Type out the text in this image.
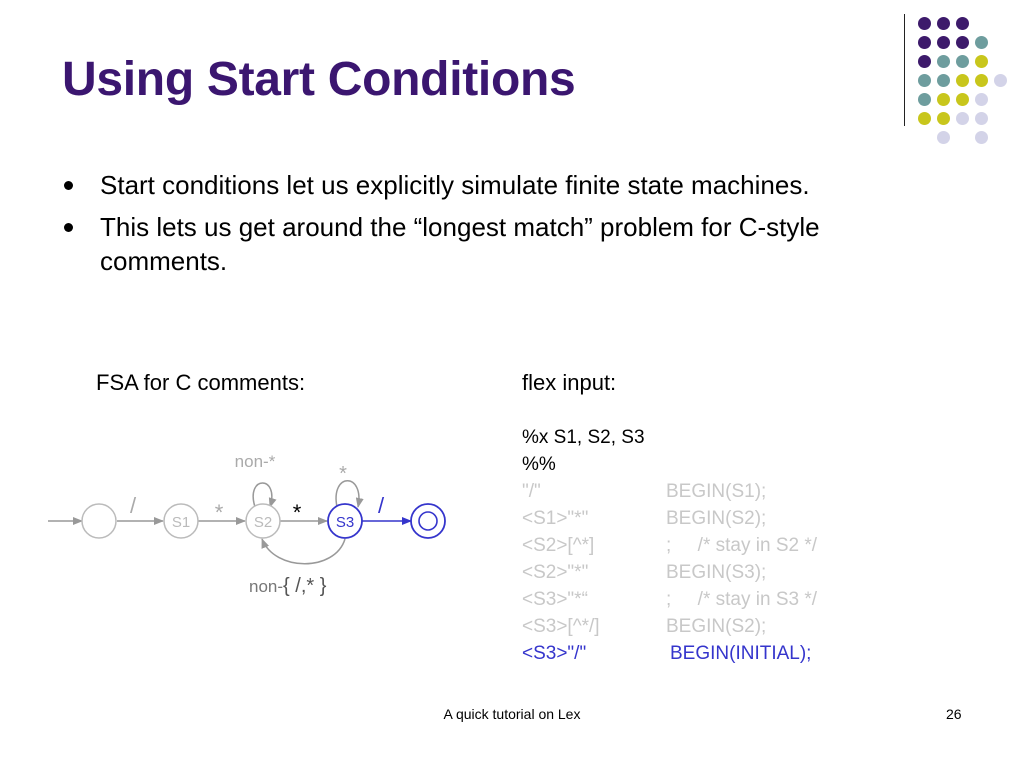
Using Start Conditions
Start conditions let us explicitly simulate finite state machines.
This lets us get around the “longest match” problem for C-style comments.
FSA for C comments:
S1	S2	S3
/	*	*	/
non-*
*
non-{ /,* }
flex input:
%x S1, S2, S3
%%
"/"	BEGIN(S1);
<S1>"*"	BEGIN(S2);
<S2>[^*]	;     /* stay in S2 */
<S2>"*"	BEGIN(S3);
<S3>"*“	;     /* stay in S3 */
<S3>[^*/]	BEGIN(S2);
<S3>"/"	BEGIN(INITIAL);
A quick tutorial on Lex	26
